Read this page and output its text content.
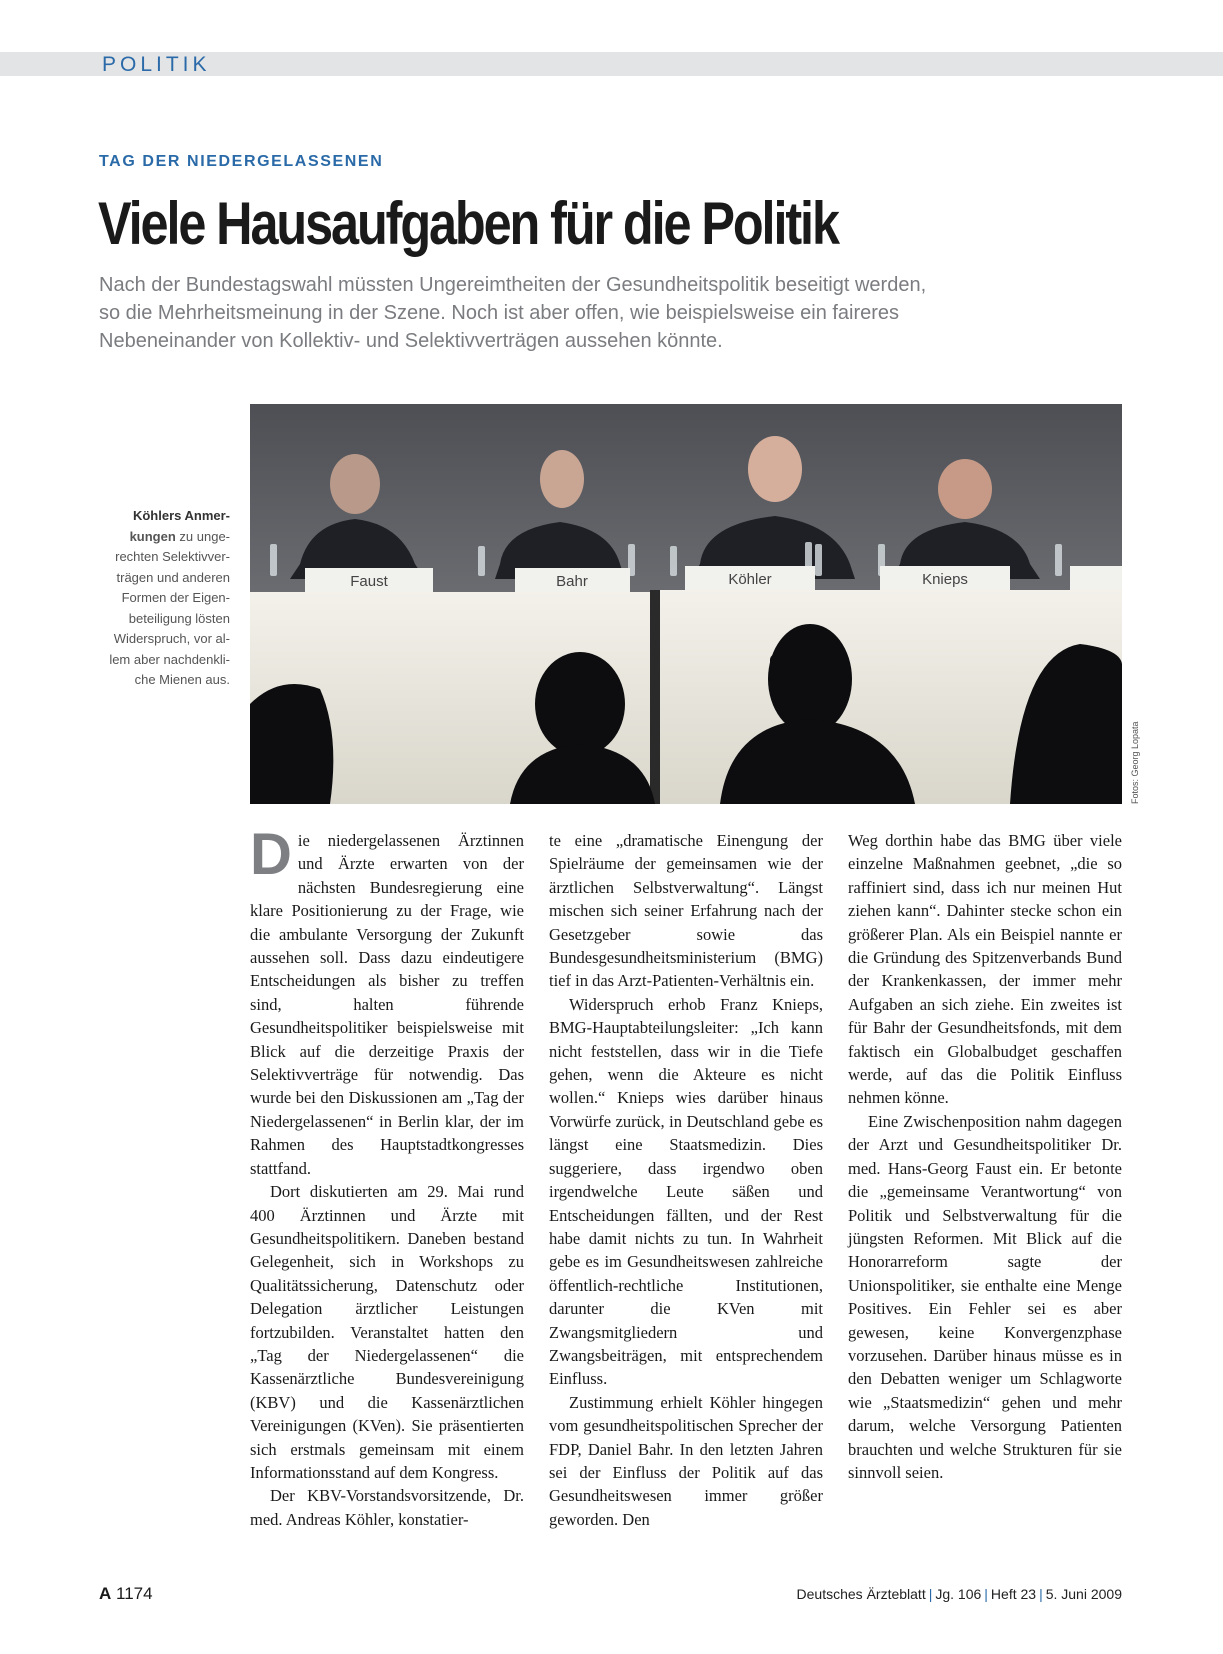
POLITIK
TAG DER NIEDERGELASSENEN
Viele Hausaufgaben für die Politik
Nach der Bundestagswahl müssten Ungereimtheiten der Gesundheitspolitik beseitigt werden,
so die Mehrheitsmeinung in der Szene. Noch ist aber offen, wie beispielsweise ein faireres
Nebeneinander von Kollektiv- und Selektivverträgen aussehen könnte.
Köhlers Anmer-
kungen zu unge-
rechten Selektivver-
trägen und anderen
Formen der Eigen-
beteiligung lösten
Widerspruch, vor al-
lem aber nachdenkli-
che Mienen aus.
Faust	Bahr	Köhler	Knieps
Fotos: Georg Lopata

Die niedergelassenen Ärztinnen und Ärzte erwarten von der nächsten Bundesregierung eine klare Positionierung zu der Frage, wie die ambulante Versorgung der Zukunft aussehen soll. Dass dazu eindeutigere Entscheidungen als bisher zu treffen sind, halten führende Gesundheitspolitiker beispielsweise mit Blick auf die derzeitige Praxis der Selektivverträge für notwendig. Das wurde bei den Diskussionen am „Tag der Niedergelassenen“ in Berlin klar, der im Rahmen des Hauptstadtkongresses stattfand.

Dort diskutierten am 29. Mai rund 400 Ärztinnen und Ärzte mit Gesundheitspolitikern. Daneben bestand Gelegenheit, sich in Workshops zu Qualitätssicherung, Datenschutz oder Delegation ärztlicher Leistungen fortzubilden. Veranstaltet hatten den „Tag der Niedergelassenen“ die Kassenärztliche Bundesvereinigung (KBV) und die Kassenärztlichen Vereinigungen (KVen). Sie präsentierten sich erstmals gemeinsam mit einem Informationsstand auf dem Kongress.

Der KBV-Vorstandsvorsitzende, Dr. med. Andreas Köhler, konstatier-

te eine „dramatische Einengung der Spielräume der gemeinsamen wie der ärztlichen Selbstverwaltung“. Längst mischen sich seiner Erfahrung nach der Gesetzgeber sowie das Bundesgesundheitsministerium (BMG) tief in das Arzt-Patienten-Verhältnis ein.

Widerspruch erhob Franz Knieps, BMG-Hauptabteilungsleiter: „Ich kann nicht feststellen, dass wir in die Tiefe gehen, wenn die Akteure es nicht wollen.“ Knieps wies darüber hinaus Vorwürfe zurück, in Deutschland gebe es längst eine Staatsmedizin. Dies suggeriere, dass irgendwo oben irgendwelche Leute säßen und Entscheidungen fällten, und der Rest habe damit nichts zu tun. In Wahrheit gebe es im Gesundheitswesen zahlreiche öffentlich-rechtliche Institutionen, darunter die KVen mit Zwangsmitgliedern und Zwangsbeiträgen, mit entsprechendem Einfluss.

Zustimmung erhielt Köhler hingegen vom gesundheitspolitischen Sprecher der FDP, Daniel Bahr. In den letzten Jahren sei der Einfluss der Politik auf das Gesundheitswesen immer größer geworden. Den

Weg dorthin habe das BMG über viele einzelne Maßnahmen geebnet, „die so raffiniert sind, dass ich nur meinen Hut ziehen kann“. Dahinter stecke schon ein größerer Plan. Als ein Beispiel nannte er die Gründung des Spitzenverbands Bund der Krankenkassen, der immer mehr Aufgaben an sich ziehe. Ein zweites ist für Bahr der Gesundheitsfonds, mit dem faktisch ein Globalbudget geschaffen werde, auf das die Politik Einfluss nehmen könne.

Eine Zwischenposition nahm dagegen der Arzt und Gesundheitspolitiker Dr. med. Hans-Georg Faust ein. Er betonte die „gemeinsame Verantwortung“ von Politik und Selbstverwaltung für die jüngsten Reformen. Mit Blick auf die Honorarreform sagte der Unionspolitiker, sie enthalte eine Menge Positives. Ein Fehler sei es aber gewesen, keine Konvergenzphase vorzusehen. Darüber hinaus müsse es in den Debatten weniger um Schlagworte wie „Staatsmedizin“ gehen und mehr darum, welche Versorgung Patienten brauchten und welche Strukturen für sie sinnvoll seien.

A 1174	Deutsches Ärzteblatt | Jg. 106 | Heft 23 | 5. Juni 2009
